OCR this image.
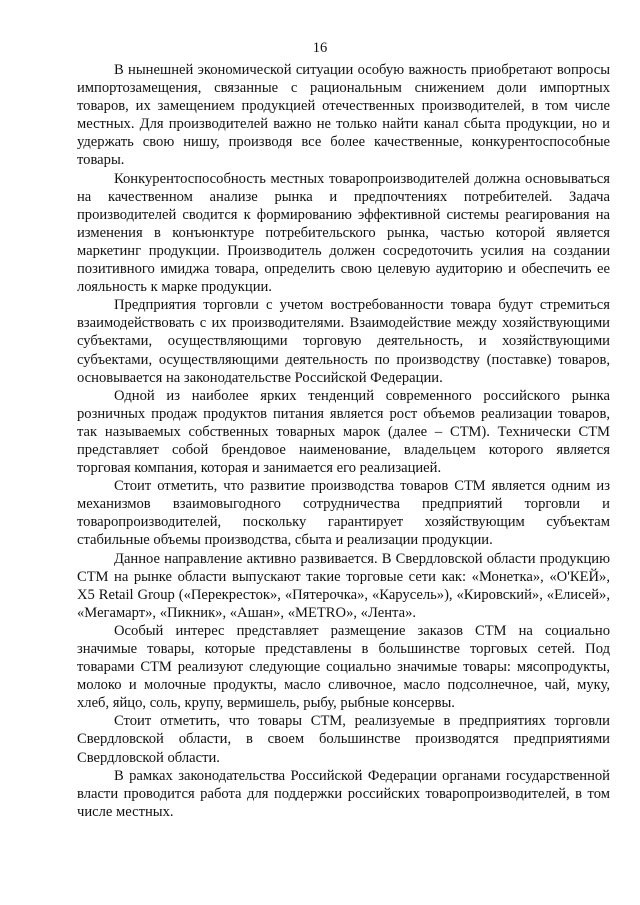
16

В нынешней экономической ситуации особую важность приобретают вопросы импортозамещения, связанные с рациональным снижением доли импортных товаров, их замещением продукцией отечественных производителей, в том числе местных. Для производителей важно не только найти канал сбыта продукции, но и удержать свою нишу, производя все более качественные, конкурентоспособные товары.

Конкурентоспособность местных товаропроизводителей должна основываться на качественном анализе рынка и предпочтениях потребителей. Задача производителей сводится к формированию эффективной системы реагирования на изменения в конъюнктуре потребительского рынка, частью которой является маркетинг продукции. Производитель должен сосредоточить усилия на создании позитивного имиджа товара, определить свою целевую аудиторию и обеспечить ее лояльность к марке продукции.

Предприятия торговли с учетом востребованности товара будут стремиться взаимодействовать с их производителями. Взаимодействие между хозяйствующими субъектами, осуществляющими торговую деятельность, и хозяйствующими субъектами, осуществляющими деятельность по производству (поставке) товаров, основывается на законодательстве Российской Федерации.

Одной из наиболее ярких тенденций современного российского рынка розничных продаж продуктов питания является рост объемов реализации товаров, так называемых собственных товарных марок (далее – СТМ). Технически СТМ представляет собой брендовое наименование, владельцем которого является торговая компания, которая и занимается его реализацией.

Стоит отметить, что развитие производства товаров СТМ является одним из механизмов взаимовыгодного сотрудничества предприятий торговли и товаропроизводителей, поскольку гарантирует хозяйствующим субъектам стабильные объемы производства, сбыта и реализации продукции.

Данное направление активно развивается. В Свердловской области продукцию СТМ на рынке области выпускают такие торговые сети как: «Монетка», «О'КЕЙ», X5 Retail Group («Перекресток», «Пятерочка», «Карусель»), «Кировский», «Елисей», «Мегамарт», «Пикник», «Ашан», «METRO», «Лента».

Особый интерес представляет размещение заказов СТМ на социально значимые товары, которые представлены в большинстве торговых сетей. Под товарами СТМ реализуют следующие социально значимые товары: мясопродукты, молоко и молочные продукты, масло сливочное, масло подсолнечное, чай, муку, хлеб, яйцо, соль, крупу, вермишель, рыбу, рыбные консервы.

Стоит отметить, что товары СТМ, реализуемые в предприятиях торговли Свердловской области, в своем большинстве производятся предприятиями Свердловской области.

В рамках законодательства Российской Федерации органами государственной власти проводится работа для поддержки российских товаропроизводителей, в том числе местных.
